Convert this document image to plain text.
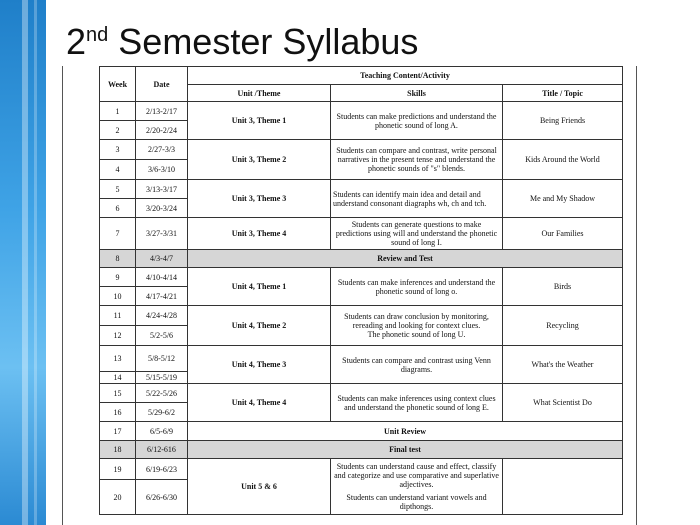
2nd Semester Syllabus
Week	Date	Teaching Content/Activity		
		Unit /Theme	Skills	Title / Topic
1	2/13-2/17	Unit 3, Theme 1	Students can make predictions and understand the phonetic sound of long A.	Being Friends
2	2/20-2/24			
3	2/27-3/3	Unit 3, Theme 2	Students can compare and contrast, write personal narratives in the present tense and understand the phonetic sounds of "s" blends.	Kids Around the World
4	3/6-3/10			
5	3/13-3/17	Unit 3, Theme 3	Students can identify main idea and detail and understand consonant diagraphs wh, ch and tch.	Me and My Shadow
6	3/20-3/24			
7	3/27-3/31	Unit 3, Theme 4	Students can generate questions to make predictions using will and understand the phonetic sound of long I.	Our Families
8	4/3-4/7	Review and Test		
9	4/10-4/14	Unit 4, Theme 1	Students can make inferences and understand the phonetic sound of long o.	Birds
10	4/17-4/21			
11	4/24-4/28	Unit 4, Theme 2	Students can draw conclusion by monitoring, rereading and looking for context clues.
The phonetic sound of long U.	Recycling
12	5/2-5/6			
13	5/8-5/12	Unit 4, Theme 3	Students can compare and contrast using Venn diagrams.	What's the Weather
14	5/15-5/19			
15	5/22-5/26	Unit 4, Theme 4	Students can make inferences using context clues and understand the phonetic sound of long E.	What Scientist Do
16	5/29-6/2			
17	6/5-6/9	Unit Review		
18	6/12-616	Final test		
19	6/19-6/23	Unit 5 & 6	Students can understand cause and effect, classify and categorize and use comparative and superlative adjectives.
Students can understand variant vowels and dipthongs.	

20	6/26-6/30			
